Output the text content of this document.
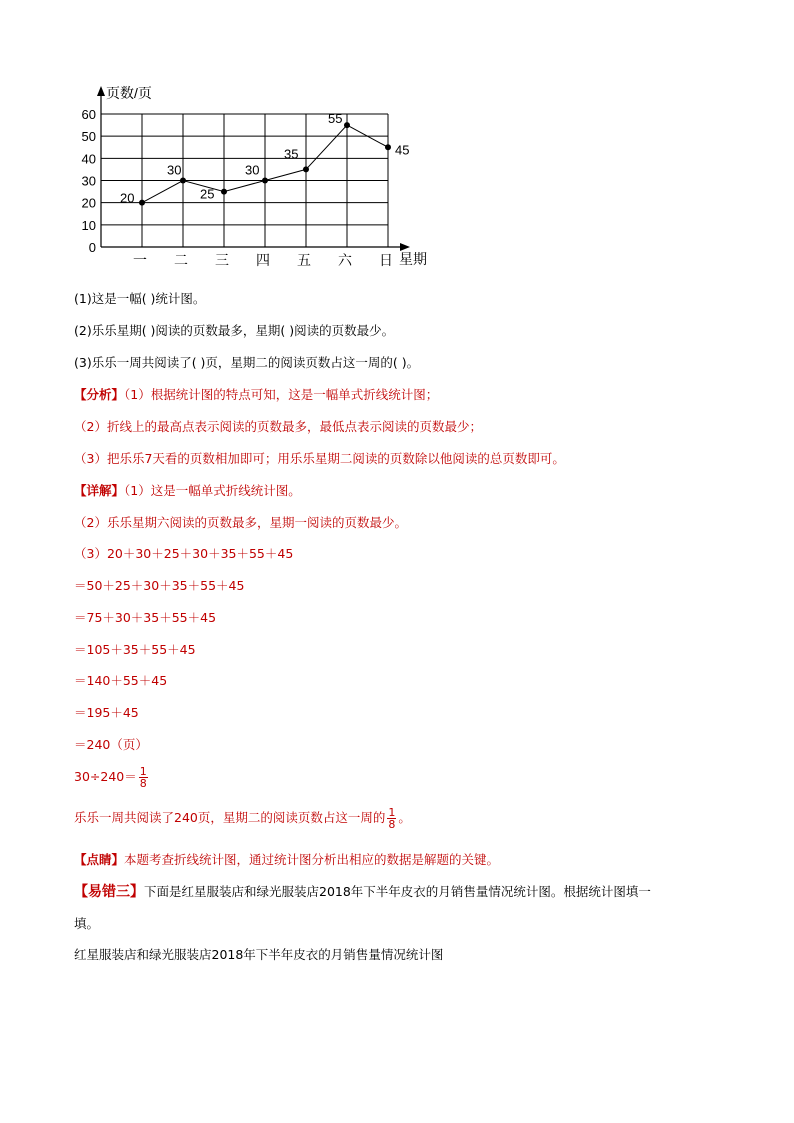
0
10
20
30
40
50
60
一 二 三 四 五 六 日
20
30
25
30
35
55
45
页数/页
星期
(1)这是一幅( )统计图。
(2)乐乐星期( )阅读的页数最多，星期( )阅读的页数最少。
(3)乐乐一周共阅读了( )页，星期二的阅读页数占这一周的( )。
【分析】（1）根据统计图的特点可知，这是一幅单式折线统计图；
（2）折线上的最高点表示阅读的页数最多，最低点表示阅读的页数最少；
（3）把乐乐7天看的页数相加即可；用乐乐星期二阅读的页数除以他阅读的总页数即可。
【详解】（1）这是一幅单式折线统计图。
（2）乐乐星期六阅读的页数最多，星期一阅读的页数最少。
（3）20＋30＋25＋30＋35＋55＋45
＝50＋25＋30＋35＋55＋45
＝75＋30＋35＋55＋45
＝105＋35＋55＋45
＝140＋55＋45
＝195＋45
＝240（页）
$30\div 240= \frac{1}{8}$
乐乐一周共阅读了240页，星期二的阅读页数占这一周的 $\frac{1}{8}$ 。
【点睛】本题考查折线统计图，通过统计图分析出相应的数据是解题的关键。
【易错三】下面是红星服装店和绿光服装店2018年下半年皮衣的月销售量情况统计图。根据统计图填一
填。
红星服装店和绿光服装店2018年下半年皮衣的月销售量情况统计图
